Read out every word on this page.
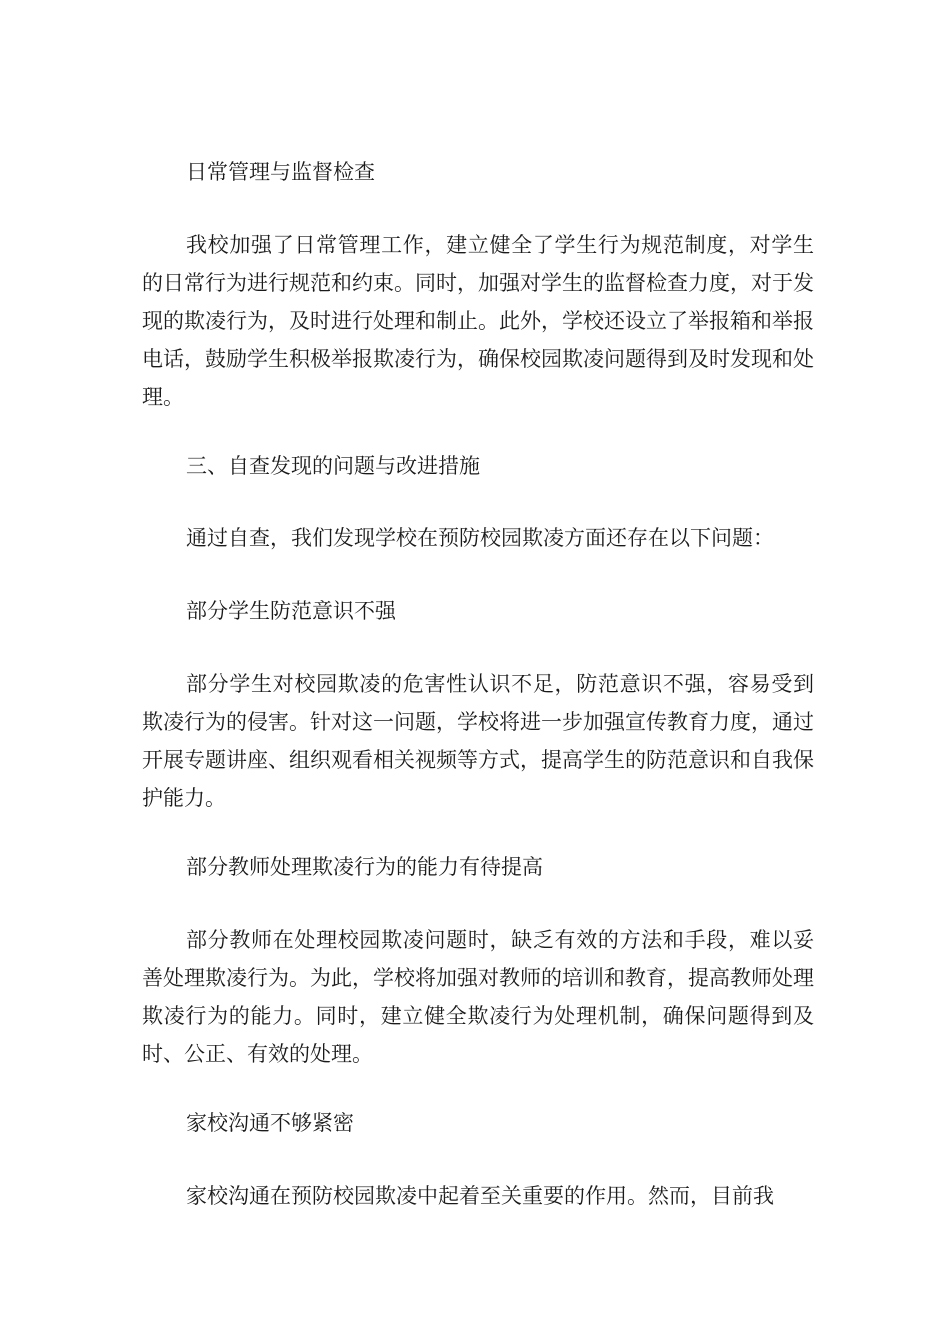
日常管理与监督检查

我校加强了日常管理工作，建立健全了学生行为规范制度，对学生的日常行为进行规范和约束。同时，加强对学生的监督检查力度，对于发现的欺凌行为，及时进行处理和制止。此外，学校还设立了举报箱和举报电话，鼓励学生积极举报欺凌行为，确保校园欺凌问题得到及时发现和处理。

三、自查发现的问题与改进措施

通过自查，我们发现学校在预防校园欺凌方面还存在以下问题：

部分学生防范意识不强

部分学生对校园欺凌的危害性认识不足，防范意识不强，容易受到欺凌行为的侵害。针对这一问题，学校将进一步加强宣传教育力度，通过开展专题讲座、组织观看相关视频等方式，提高学生的防范意识和自我保护能力。

部分教师处理欺凌行为的能力有待提高

部分教师在处理校园欺凌问题时，缺乏有效的方法和手段，难以妥善处理欺凌行为。为此，学校将加强对教师的培训和教育，提高教师处理欺凌行为的能力。同时，建立健全欺凌行为处理机制，确保问题得到及时、公正、有效的处理。

家校沟通不够紧密

家校沟通在预防校园欺凌中起着至关重要的作用。然而，目前我
